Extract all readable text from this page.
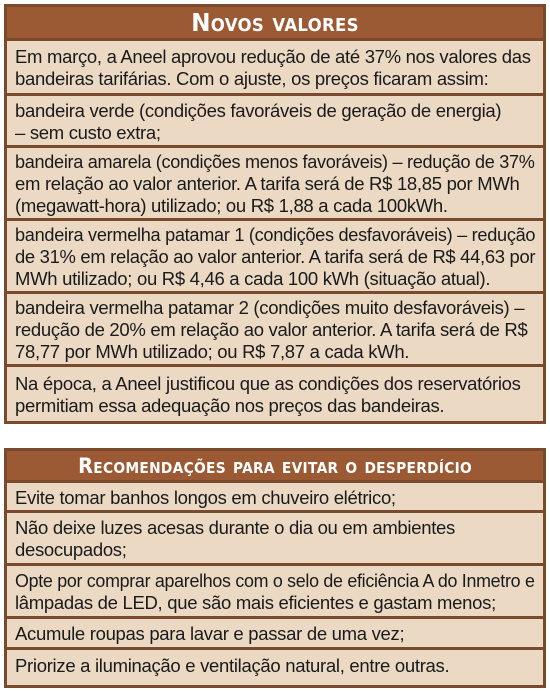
Novos valores
Em março, a Aneel aprovou redução de até 37% nos valores das
bandeiras tarifárias. Com o ajuste, os preços ficaram assim:
bandeira verde (condições favoráveis de geração de energia)
– sem custo extra;
bandeira amarela (condições menos favoráveis) – redução de 37%
em relação ao valor anterior. A tarifa será de R$ 18,85 por MWh
(megawatt-hora) utilizado; ou R$ 1,88 a cada 100kWh.
bandeira vermelha patamar 1 (condições desfavoráveis) – redução
de 31% em relação ao valor anterior. A tarifa será de R$ 44,63 por
MWh utilizado; ou R$ 4,46 a cada 100 kWh (situação atual).
bandeira vermelha patamar 2 (condições muito desfavoráveis) –
redução de 20% em relação ao valor anterior. A tarifa será de R$
78,77 por MWh utilizado; ou R$ 7,87 a cada kWh.
Na época, a Aneel justificou que as condições dos reservatórios
permitiam essa adequação nos preços das bandeiras.
Recomendações para evitar o desperdício
Evite tomar banhos longos em chuveiro elétrico;
Não deixe luzes acesas durante o dia ou em ambientes
desocupados;
Opte por comprar aparelhos com o selo de eficiência A do Inmetro e
lâmpadas de LED, que são mais eficientes e gastam menos;
Acumule roupas para lavar e passar de uma vez;
Priorize a iluminação e ventilação natural, entre outras.
